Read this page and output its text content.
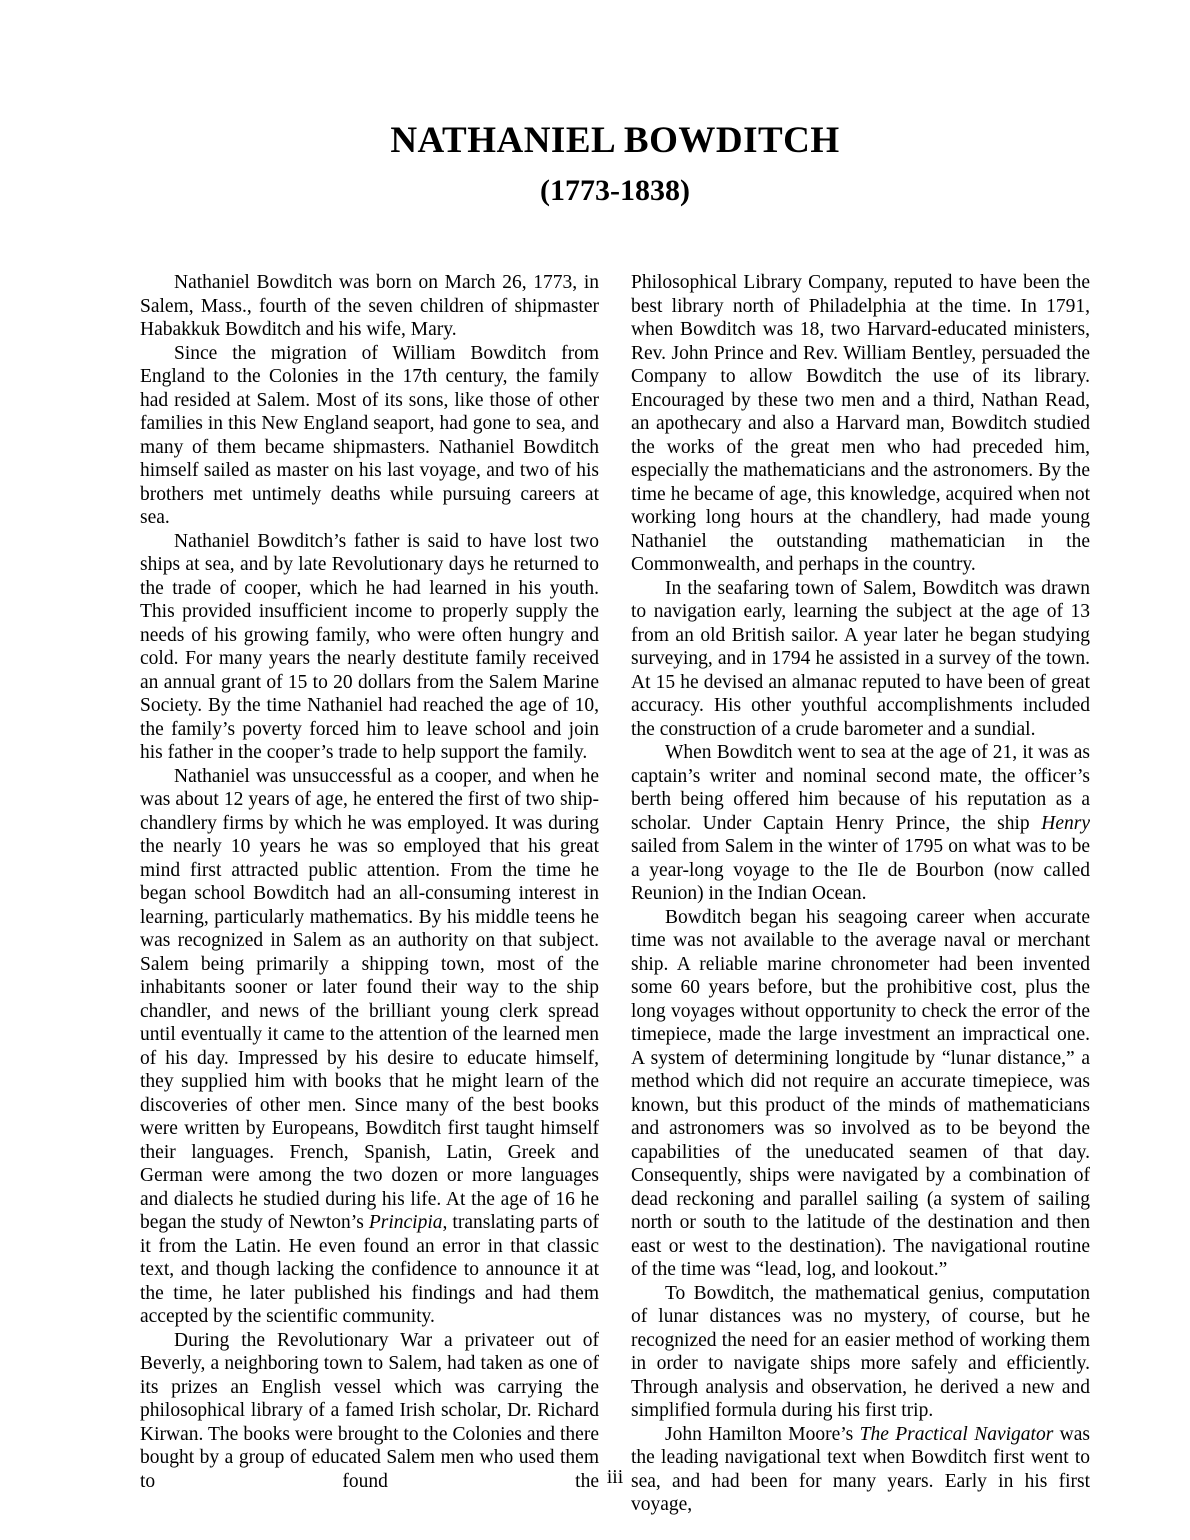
NATHANIEL BOWDITCH
(1773-1838)

Nathaniel Bowditch was born on March 26, 1773, in Salem, Mass., fourth of the seven children of shipmaster Habakkuk Bowditch and his wife, Mary.

Since the migration of William Bowditch from England to the Colonies in the 17th century, the family had resided at Salem. Most of its sons, like those of other families in this New England seaport, had gone to sea, and many of them became shipmasters. Nathaniel Bowditch himself sailed as master on his last voyage, and two of his brothers met untimely deaths while pursuing careers at sea.

Nathaniel Bowditch’s father is said to have lost two ships at sea, and by late Revolutionary days he returned to the trade of cooper, which he had learned in his youth. This provided insufficient income to properly supply the needs of his growing family, who were often hungry and cold. For many years the nearly destitute family received an annual grant of 15 to 20 dollars from the Salem Marine Society. By the time Nathaniel had reached the age of 10, the family’s poverty forced him to leave school and join his father in the cooper’s trade to help support the family.

Nathaniel was unsuccessful as a cooper, and when he was about 12 years of age, he entered the first of two ship-chandlery firms by which he was employed. It was during the nearly 10 years he was so employed that his great mind first attracted public attention. From the time he began school Bowditch had an all-consuming interest in learning, particularly mathematics. By his middle teens he was recognized in Salem as an authority on that subject. Salem being primarily a shipping town, most of the inhabitants sooner or later found their way to the ship chandler, and news of the brilliant young clerk spread until eventually it came to the attention of the learned men of his day. Impressed by his desire to educate himself, they supplied him with books that he might learn of the discoveries of other men. Since many of the best books were written by Europeans, Bowditch first taught himself their languages. French, Spanish, Latin, Greek and German were among the two dozen or more languages and dialects he studied during his life. At the age of 16 he began the study of Newton’s Principia, translating parts of it from the Latin. He even found an error in that classic text, and though lacking the confidence to announce it at the time, he later published his findings and had them accepted by the scientific community.

During the Revolutionary War a privateer out of Beverly, a neighboring town to Salem, had taken as one of its prizes an English vessel which was carrying the philosophical library of a famed Irish scholar, Dr. Richard Kirwan. The books were brought to the Colonies and there bought by a group of educated Salem men who used them to found the

Philosophical Library Company, reputed to have been the best library north of Philadelphia at the time. In 1791, when Bowditch was 18, two Harvard-educated ministers, Rev. John Prince and Rev. William Bentley, persuaded the Company to allow Bowditch the use of its library. Encouraged by these two men and a third, Nathan Read, an apothecary and also a Harvard man, Bowditch studied the works of the great men who had preceded him, especially the mathematicians and the astronomers. By the time he became of age, this knowledge, acquired when not working long hours at the chandlery, had made young Nathaniel the outstanding mathematician in the Commonwealth, and perhaps in the country.

In the seafaring town of Salem, Bowditch was drawn to navigation early, learning the subject at the age of 13 from an old British sailor. A year later he began studying surveying, and in 1794 he assisted in a survey of the town. At 15 he devised an almanac reputed to have been of great accuracy. His other youthful accomplishments included the construction of a crude barometer and a sundial.

When Bowditch went to sea at the age of 21, it was as captain’s writer and nominal second mate, the officer’s berth being offered him because of his reputation as a scholar. Under Captain Henry Prince, the ship Henry sailed from Salem in the winter of 1795 on what was to be a year-long voyage to the Ile de Bourbon (now called Reunion) in the Indian Ocean.

Bowditch began his seagoing career when accurate time was not available to the average naval or merchant ship. A reliable marine chronometer had been invented some 60 years before, but the prohibitive cost, plus the long voyages without opportunity to check the error of the timepiece, made the large investment an impractical one. A system of determining longitude by “lunar distance,” a method which did not require an accurate timepiece, was known, but this product of the minds of mathematicians and astronomers was so involved as to be beyond the capabilities of the uneducated seamen of that day. Consequently, ships were navigated by a combination of dead reckoning and parallel sailing (a system of sailing north or south to the latitude of the destination and then east or west to the destination). The navigational routine of the time was “lead, log, and lookout.”

To Bowditch, the mathematical genius, computation of lunar distances was no mystery, of course, but he recognized the need for an easier method of working them in order to navigate ships more safely and efficiently. Through analysis and observation, he derived a new and simplified formula during his first trip.

John Hamilton Moore’s The Practical Navigator was the leading navigational text when Bowditch first went to sea, and had been for many years. Early in his first voyage,

iii
